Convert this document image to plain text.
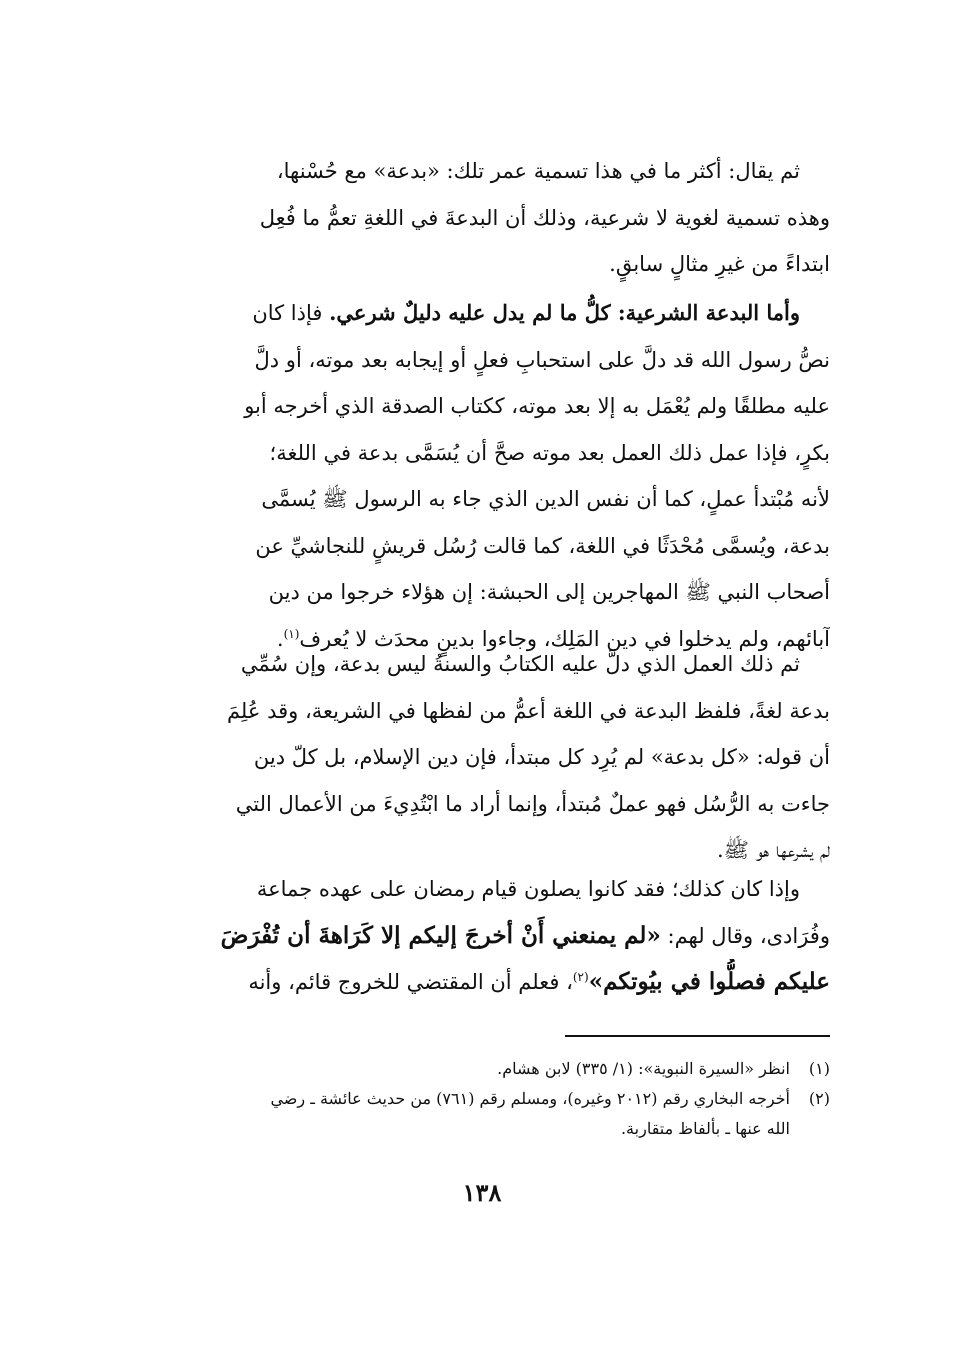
ثم يقال: أكثر ما في هذا تسمية عمر تلك: «بدعة» مع حُسْنها،
وهذه تسمية لغوية لا شرعية، وذلك أن البدعةَ في اللغةِ تعمُّ ما فُعِل
ابتداءً من غيرِ مثالٍ سابقٍ.
وأما البدعة الشرعية: كلُّ ما لم يدل عليه دليلٌ شرعي. فإذا كان
نصُّ رسول الله قد دلَّ على استحبابِ فعلٍ أو إيجابه بعد موته، أو دلَّ
عليه مطلقًا ولم يُعْمَل به إلا بعد موته، ككتاب الصدقة الذي أخرجه أبو
بكرٍ، فإذا عمل ذلك العمل بعد موته صحَّ أن يُسَمَّى بدعة في اللغة؛
لأنه مُبْتدأ عملٍ، كما أن نفس الدين الذي جاء به الرسول ﷺ يُسمَّى
بدعة، ويُسمَّى مُحْدَثًا في اللغة، كما قالت رُسُل قريشٍ للنجاشيِّ عن
أصحاب النبي ﷺ المهاجرين إلى الحبشة: إن هؤلاء خرجوا من دين
آبائهم، ولم يدخلوا في دين المَلِك، وجاءوا بدينٍ محدَث لا يُعرف$^{(١)}$.
ثم ذلك العمل الذي دلَّ عليه الكتابُ والسنةُ ليس بدعة، وإن سُمِّي
بدعة لغةً، فلفظ البدعة في اللغة أعمُّ من لفظها في الشريعة، وقد عُلِمَ
أن قوله: «كل بدعة» لم يُرِد كل مبتدأ، فإن دين الإسلام، بل كلّ دين
جاءت به الرُّسُل فهو عملٌ مُبتدأ، وإنما أراد ما ابْتُدِيءَ من الأعمال التي
لم يشرعها هو ﷺ.
وإذا كان كذلك؛ فقد كانوا يصلون قيام رمضان على عهده جماعة
وفُرَادى، وقال لهم: «لم يمنعني أَنْ أخرجَ إليكم إلا كَرَاهةَ أن تُفْرَضَ
عليكم فصلُّوا في بيُوتكم»$^{(٢)}$، فعلم أن المقتضي للخروج قائم، وأنه
(١)انظر «السيرة النبوية»: (١/ ٣٣٥) لابن هشام.
(٢)أخرجه البخاري رقم (٢٠١٢ وغيره)، ومسلم رقم (٧٦١) من حديث عائشة ـ رضي
الله عنها ـ بألفاظ متقاربة.
١٣٨
